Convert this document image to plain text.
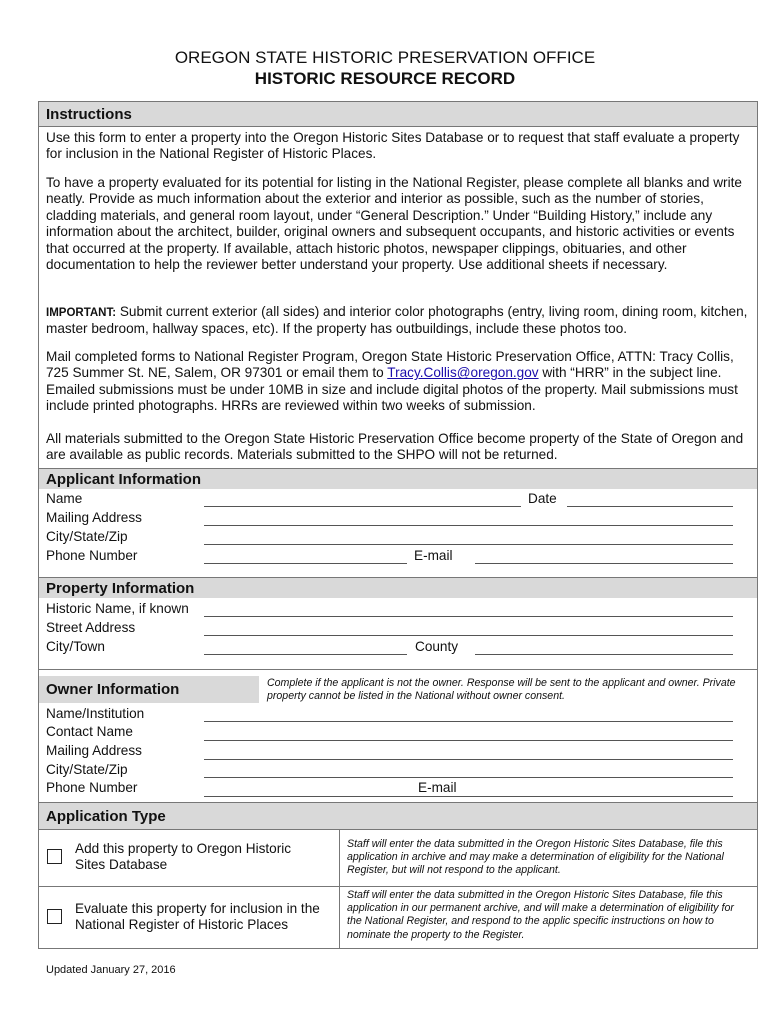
OREGON STATE HISTORIC PRESERVATION OFFICE
HISTORIC RESOURCE RECORD
Instructions
Use this form to enter a property into the Oregon Historic Sites Database or to request that staff evaluate a property for inclusion in the National Register of Historic Places.
To have a property evaluated for its potential for listing in the National Register, please complete all blanks and write neatly. Provide as much information about the exterior and interior as possible, such as the number of stories, cladding materials, and general room layout, under “General Description.” Under “Building History,” include any information about the architect, builder, original owners and subsequent occupants, and historic activities or events that occurred at the property. If available, attach historic photos, newspaper clippings, obituaries, and other documentation to help the reviewer better understand your property. Use additional sheets if necessary.
IMPORTANT: Submit current exterior (all sides) and interior color photographs (entry, living room, dining room, kitchen, master bedroom, hallway spaces, etc). If the property has outbuildings, include these photos too.
Mail completed forms to National Register Program, Oregon State Historic Preservation Office, ATTN: Tracy Collis, 725 Summer St. NE, Salem, OR 97301 or email them to Tracy.Collis@oregon.gov with “HRR” in the subject line. Emailed submissions must be under 10MB in size and include digital photos of the property. Mail submissions must include printed photographs. HRRs are reviewed within two weeks of submission.
All materials submitted to the Oregon State Historic Preservation Office become property of the State of Oregon and are available as public records. Materials submitted to the SHPO will not be returned.
Applicant Information
Name	Date
Mailing Address
City/State/Zip
Phone Number	E-mail
Property Information
Historic Name, if known
Street Address
City/Town	County
Owner Information	Complete if the applicant is not the owner. Response will be sent to the applicant and owner. Private property cannot be listed in the National without owner consent.
Name/Institution
Contact Name
Mailing Address
City/State/Zip
Phone Number	E-mail
Application Type
Add this property to Oregon Historic Sites Database
Staff will enter the data submitted in the Oregon Historic Sites Database, file this application in archive and may make a determination of eligibility for the National Register, but will not respond to the applicant.
Evaluate this property for inclusion in the National Register of Historic Places
Staff will enter the data submitted in the Oregon Historic Sites Database, file this application in our permanent archive, and will make a determination of eligibility for the National Register, and respond to the applic specific instructions on how to nominate the property to the Register.
Updated January 27, 2016
